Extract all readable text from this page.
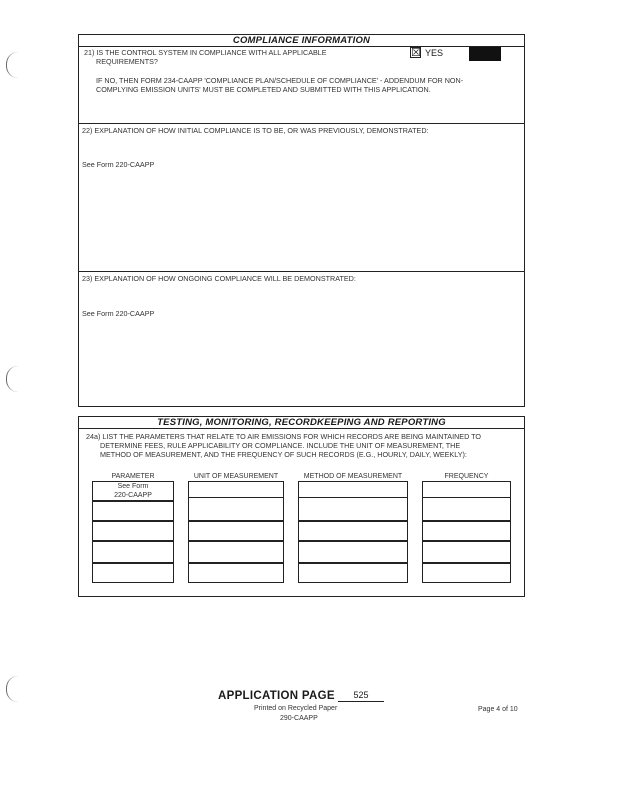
COMPLIANCE INFORMATION
21) IS THE CONTROL SYSTEM IN COMPLIANCE WITH ALL APPLICABLE
REQUIREMENTS?
☒ YES
IF NO, THEN FORM 234-CAAPP 'COMPLIANCE PLAN/SCHEDULE OF COMPLIANCE' - ADDENDUM FOR NON-
COMPLYING EMISSION UNITS' MUST BE COMPLETED AND SUBMITTED WITH THIS APPLICATION.
22) EXPLANATION OF HOW INITIAL COMPLIANCE IS TO BE, OR WAS PREVIOUSLY, DEMONSTRATED:
See Form 220-CAAPP
23) EXPLANATION OF HOW ONGOING COMPLIANCE WILL BE DEMONSTRATED:
See Form 220-CAAPP
TESTING, MONITORING, RECORDKEEPING AND REPORTING
24a) LIST THE PARAMETERS THAT RELATE TO AIR EMISSIONS FOR WHICH RECORDS ARE BEING MAINTAINED TO
DETERMINE FEES, RULE APPLICABILITY OR COMPLIANCE. INCLUDE THE UNIT OF MEASUREMENT, THE
METHOD OF MEASUREMENT, AND THE FREQUENCY OF SUCH RECORDS (E.G., HOURLY, DAILY, WEEKLY):
PARAMETER	UNIT OF MEASUREMENT	METHOD OF MEASUREMENT	FREQUENCY
See Form
220-CAAPP
APPLICATION PAGE	525
Printed on Recycled Paper
290-CAAPP
Page 4 of 10
